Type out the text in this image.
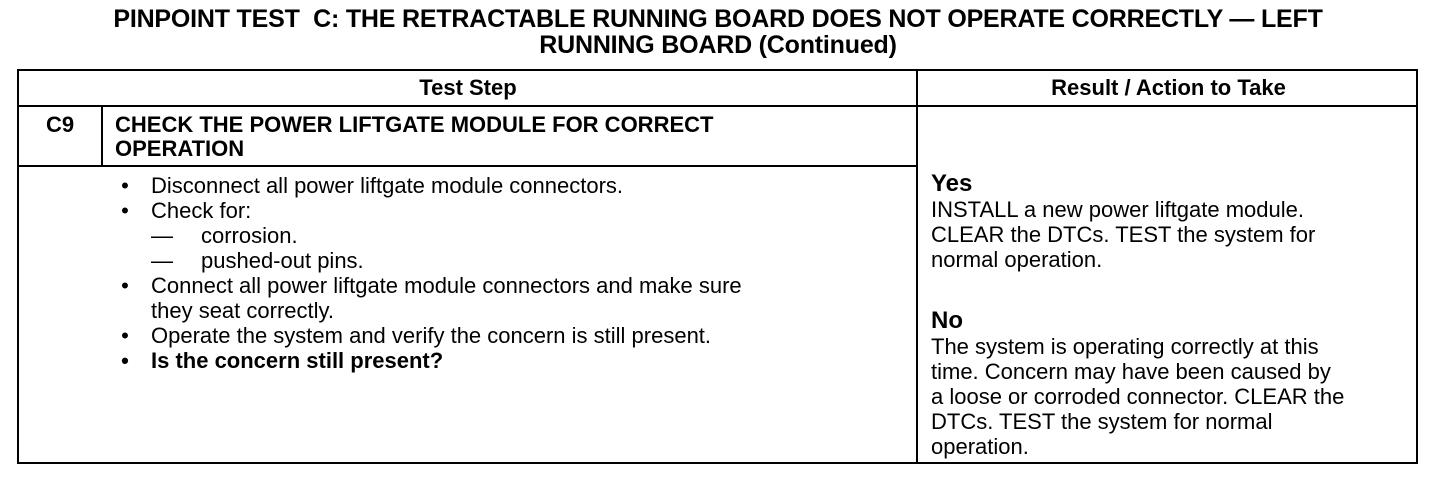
PINPOINT TEST  C: THE RETRACTABLE RUNNING BOARD DOES NOT OPERATE CORRECTLY — LEFT
RUNNING BOARD (Continued)
Test Step	Result / Action to Take
C9	CHECK THE POWER LIFTGATE MODULE FOR CORRECT
OPERATION
• Disconnect all power liftgate module connectors.
• Check for:
— corrosion.
— pushed-out pins.
• Connect all power liftgate module connectors and make sure
they seat correctly.
• Operate the system and verify the concern is still present.
• Is the concern still present?
Yes
INSTALL a new power liftgate module.
CLEAR the DTCs. TEST the system for
normal operation.
No
The system is operating correctly at this
time. Concern may have been caused by
a loose or corroded connector. CLEAR the
DTCs. TEST the system for normal
operation.
